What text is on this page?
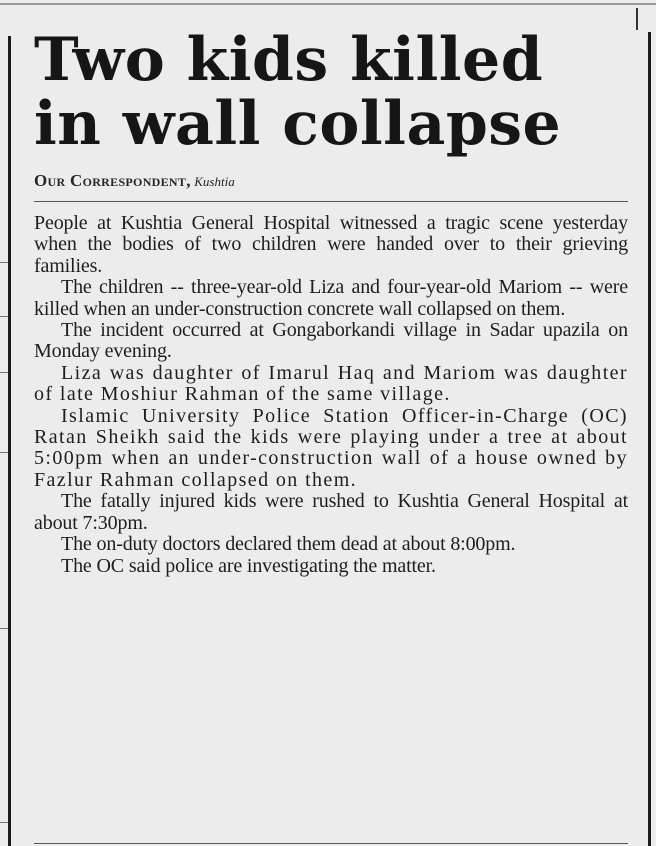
Two kids killed
in wall collapse
Our Correspondent, Kushtia

People at Kushtia General Hospital witnessed a tragic scene yesterday when the bodies of two children were handed over to their grieving families.

The children -- three-year-old Liza and four-year-old Mariom -- were killed when an under-construction concrete wall collapsed on them.

The incident occurred at Gongaborkandi village in Sadar upazila on Monday evening.

Liza was daughter of Imarul Haq and Mariom was daughter of late Moshiur Rahman of the same village.

Islamic University Police Station Officer-in-Charge (OC) Ratan Sheikh said the kids were playing under a tree at about 5:00pm when an under-construction wall of a house owned by Fazlur Rahman collapsed on them.

The fatally injured kids were rushed to Kushtia General Hospital at about 7:30pm.

The on-duty doctors declared them dead at about 8:00pm.

The OC said police are investigating the matter.
